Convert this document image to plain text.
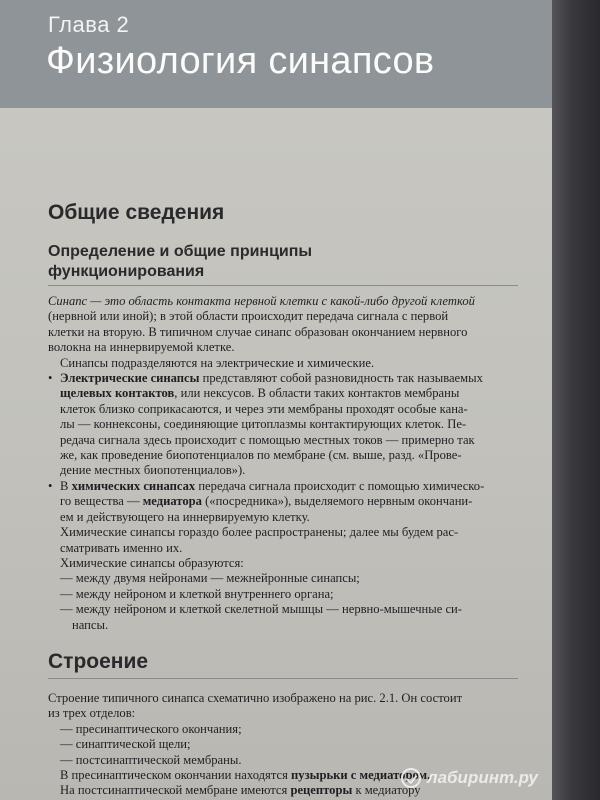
Глава 2
Физиология синапсов
Общие сведения
Определение и общие принципы
функционирования

Синапс — это область контакта нервной клетки с какой-либо другой клеткой

(нервной или иной); в этой области происходит передача сигнала с первой

клетки на вторую. В типичном случае синапс образован окончанием нервного

волокна на иннервируемой клетке.

Синапсы подразделяются на электрические и химические.

• Электрические синапсы представляют собой разновидность так называемых

щелевых контактов, или нексусов. В области таких контактов мембраны

клеток близко соприкасаются, и через эти мембраны проходят особые кана-

лы — коннексоны, соединяющие цитоплазмы контактирующих клеток. Пе-

редача сигнала здесь происходит с помощью местных токов — примерно так

же, как проведение биопотенциалов по мембране (см. выше, разд. «Прове-

дение местных биопотенциалов»).

• В химических синапсах передача сигнала происходит с помощью химическо-

го вещества — медиатора («посредника»), выделяемого нервным окончани-

ем и действующего на иннервируемую клетку.

Химические синапсы гораздо более распространены; далее мы будем рас-

сматривать именно их.

Химические синапсы образуются:

— между двумя нейронами — межнейронные синапсы;

— между нейроном и клеткой внутреннего органа;

— между нейроном и клеткой скелетной мышцы — нервно-мышечные си-

напсы.

Строение

Строение типичного синапса схематично изображено на рис. 2.1. Он состоит

из трех отделов:

— пресинаптического окончания;

— синаптической щели;

— постсинаптической мембраны.

В пресинаптическом окончании находятся пузырьки с медиатором.

На постсинаптической мембране имеются рецепторы к медиатору

лабиринт.ру
